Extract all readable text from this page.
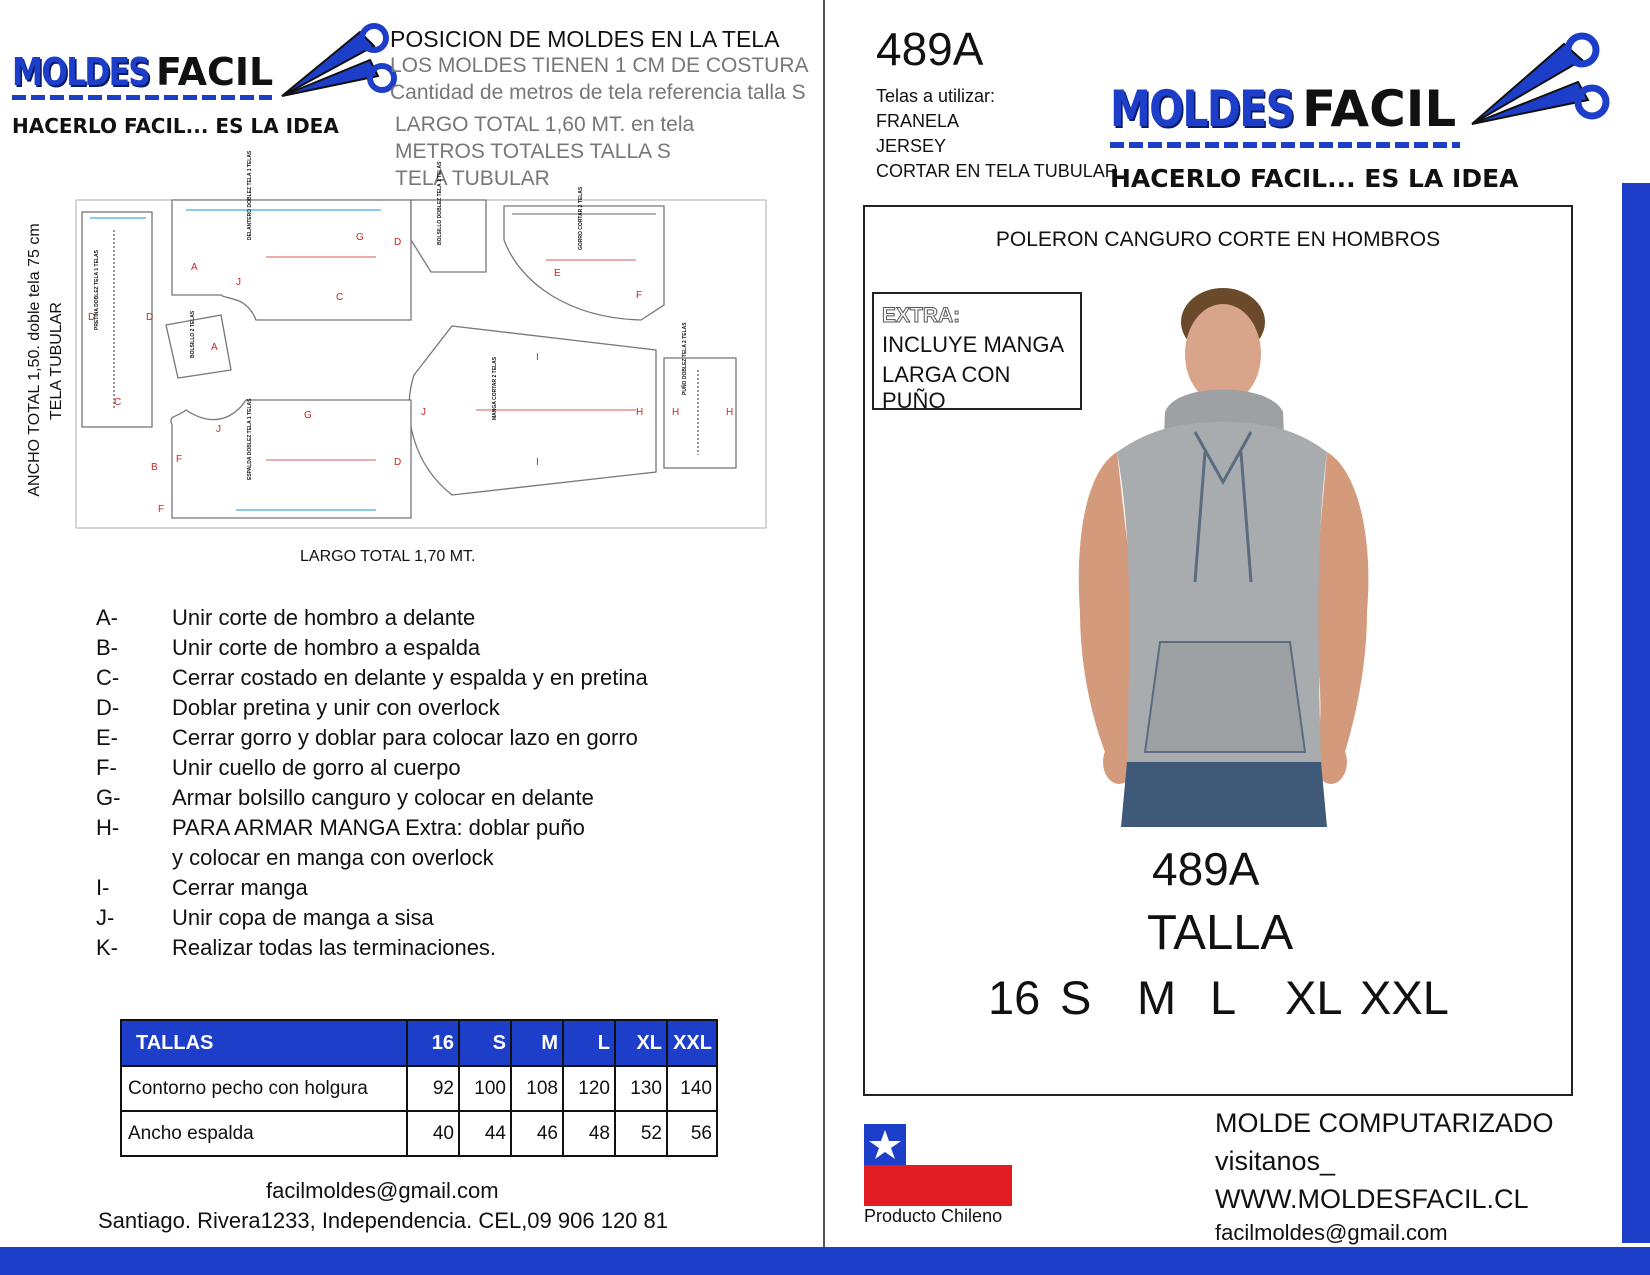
MOLDES FACIL
HACERLO FACIL... ES LA IDEA
POSICION DE MOLDES EN LA TELA
LOS MOLDES TIENEN 1 CM DE COSTURA
Cantidad de metros de tela referencia talla S
LARGO TOTAL 1,60 MT. en tela
METROS TOTALES TALLA S
TELA TUBULAR
ANCHO TOTAL 1,50. doble tela 75 cm TELA TUBULAR D	D
C
PRETINA DOBLEZ TELA 1 TELAS	A
J
C
G	D
DELANTERO DOBLEZ TELA 1 TELAS	BOLSILLO DOBLEZ TELA 1 TELAS
E
F
GORRO CORTAR 2 TELAS
A
BOLSILLO 2 TELAS
J
I
I
H
MANGA CORTAR 2 TELAS	H	H
PUÑO DOBLEZ TELA 2 TELAS
B
F
J
G
D
F
ESPALDA DOBLEZ TELA 1 TELAS
LARGO TOTAL 1,70 MT.
A- Unir corte de hombro a delante
B- Unir corte de hombro a espalda
C- Cerrar costado en delante y espalda y en pretina
D- Doblar pretina y unir con overlock
E- Cerrar gorro y doblar para colocar lazo en gorro
F-	Unir cuello de gorro al cuerpo
G- Armar bolsillo canguro y colocar en delante
H- PARA ARMAR MANGA Extra: doblar puño
y colocar en manga con overlock
I-	Cerrar manga
J-	Unir copa de manga a sisa
K- Realizar todas las terminaciones.
TALLAS	16	S	M	L	XL	XXL
Contorno pecho con holgura	92	100	108	120	130	140
Ancho espalda	40	44	46	48	52	56
facilmoldes@gmail.com
Santiago. Rivera1233, Independencia. CEL,09 906 120 81
489A
Telas a utilizar:
FRANELA
JERSEY
CORTAR EN TELA TUBULAR
MOLDES FACIL
HACERLO FACIL... ES LA IDEA
POLERON CANGURO CORTE EN HOMBROS
EXTRA:
INCLUYE MANGA
LARGA CON PUÑO
489A
TALLA
16 S M L XL XXL
Producto Chileno
MOLDE COMPUTARIZADO
visitanos_
WWW.MOLDESFACIL.CL
facilmoldes@gmail.com
